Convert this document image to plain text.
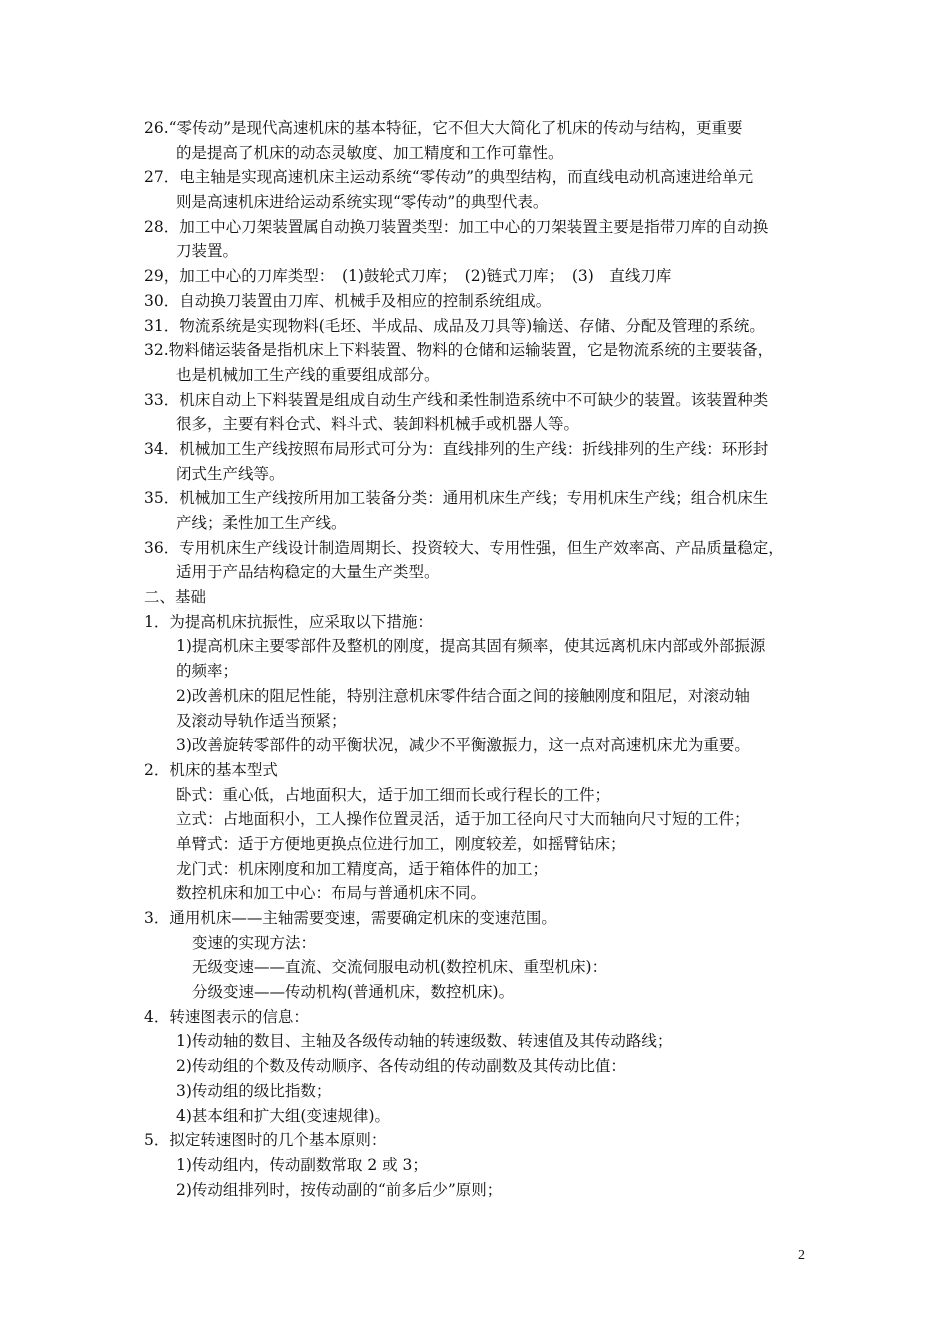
26.“零传动”是现代高速机床的基本特征，它不但大大简化了机床的传动与结构，更重要
的是提高了机床的动态灵敏度、加工精度和工作可靠性。
27．电主轴是实现高速机床主运动系统“零传动”的典型结构，而直线电动机高速进给单元
则是高速机床进给运动系统实现“零传动”的典型代表。
28．加工中心刀架装置属自动换刀装置类型：加工中心的刀架装置主要是指带刀库的自动换
刀装置。
29，加工中心的刀库类型：　(1)鼓轮式刀库；　(2)链式刀库；　(3)　直线刀库
30．自动换刀装置由刀库、机械手及相应的控制系统组成。
31．物流系统是实现物料(毛坯、半成品、成品及刀具等)输送、存储、分配及管理的系统。
32.物料储运装备是指机床上下料装置、物料的仓储和运输装置，它是物流系统的主要装备，
也是机械加工生产线的重要组成部分。
33．机床自动上下料装置是组成自动生产线和柔性制造系统中不可缺少的装置。该装置种类
很多，主要有料仓式、料斗式、装卸料机械手或机器人等。
34．机械加工生产线按照布局形式可分为：直线排列的生产线：折线排列的生产线：环形封
闭式生产线等。
35．机械加工生产线按所用加工装备分类：通用机床生产线；专用机床生产线；组合机床生
产线；柔性加工生产线。
36．专用机床生产线设计制造周期长、投资较大、专用性强，但生产效率高、产品质量稳定，
适用于产品结构稳定的大量生产类型。
二、基础
1．为提高机床抗振性，应采取以下措施：
1)提高机床主要零部件及整机的刚度，提高其固有频率，使其远离机床内部或外部振源
的频率；
2)改善机床的阻尼性能，特别注意机床零件结合面之间的接触刚度和阻尼，对滚动轴
及滚动导轨作适当预紧；
3)改善旋转零部件的动平衡状况，减少不平衡激振力，这一点对高速机床尤为重要。
2．机床的基本型式
卧式：重心低，占地面积大，适于加工细而长或行程长的工件；
立式：占地面积小，工人操作位置灵活，适于加工径向尺寸大而轴向尺寸短的工件；
单臂式：适于方便地更换点位进行加工，刚度较差，如摇臂钻床；
龙门式：机床刚度和加工精度高，适于箱体件的加工；
数控机床和加工中心：布局与普通机床不同。
3．通用机床——主轴需要变速，需要确定机床的变速范围。
变速的实现方法：
无级变速——直流、交流伺服电动机(数控机床、重型机床)：
分级变速——传动机构(普通机床，数控机床)。
4．转速图表示的信息：
1)传动轴的数目、主轴及各级传动轴的转速级数、转速值及其传动路线；
2)传动组的个数及传动顺序、各传动组的传动副数及其传动比值：
3)传动组的级比指数；
4)甚本组和扩大组(变速规律)。
5．拟定转速图时的几个基本原则：
1)传动组内，传动副数常取 2 或 3；
2)传动组排列时，按传动副的“前多后少”原则；
2
